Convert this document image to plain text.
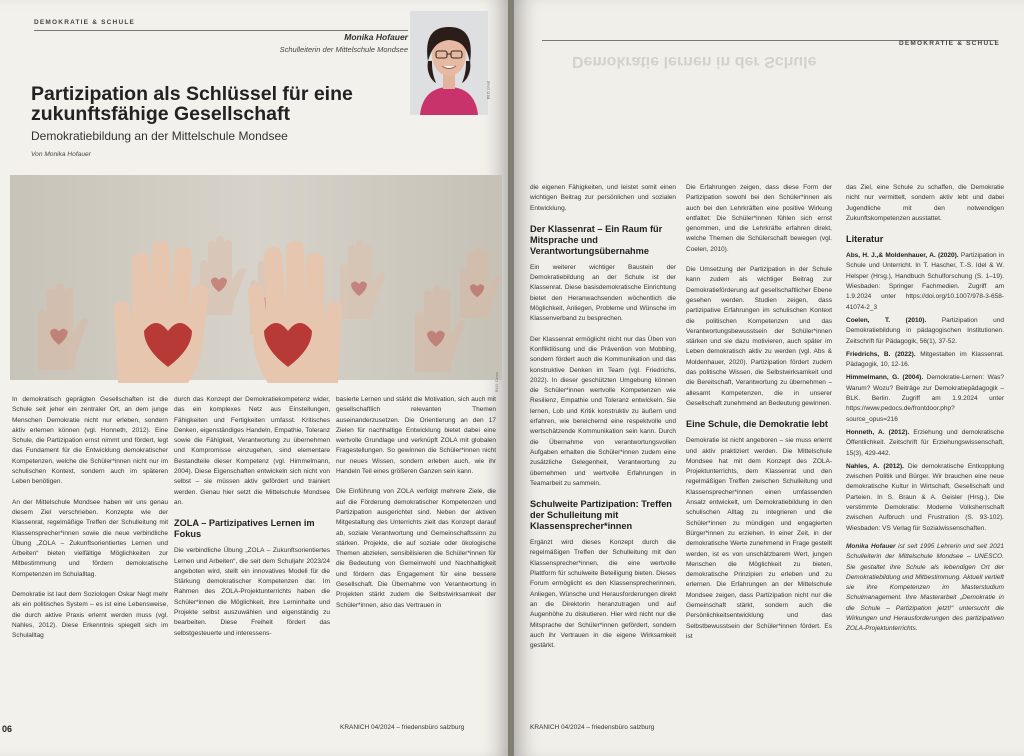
DEMOKRATIE & SCHULE
Monika Hofauer
Schulleiterin der Mittelschule Mondsee
BILD: privat
Partizipation als Schlüssel für eine zukunftsfähige Gesellschaft
Demokratiebildung an der Mittelschule Mondsee
Von Monika Hofauer
BILD: Canva

In demokratisch geprägten Gesellschaften ist die Schule seit jeher ein zentraler Ort, an dem junge Menschen Demokratie nicht nur erleben, sondern aktiv erlernen können (vgl. Honneth, 2012). Eine Schule, die Partizipation ernst nimmt und fördert, legt das Fundament für die Entwicklung demokratischer Kompetenzen, welche die Schüler*innen nicht nur im schulischen Kontext, sondern auch im späteren Leben benötigen.

An der Mittelschule Mondsee haben wir uns genau diesem Ziel verschrieben. Konzepte wie der Klassenrat, regelmäßige Treffen der Schulleitung mit Klassensprecher*innen sowie die neue verbindliche Übung „ZOLA – Zukunftsorientiertes Lernen und Arbeiten“ bieten vielfältige Möglichkeiten zur Mitbestimmung und fördern demokratische Kompetenzen im Schulalltag.

Demokratie ist laut dem Soziologen Oskar Negt mehr als ein politisches System – es ist eine Lebensweise, die durch aktive Praxis erlernt werden muss (vgl. Nahles, 2012). Diese Erkenntnis spiegelt sich im Schulalltag

durch das Konzept der Demokratiekompetenz wider, das ein komplexes Netz aus Einstellungen, Fähigkeiten und Fertigkeiten umfasst. Kritisches Denken, eigenständiges Handeln, Empathie, Toleranz sowie die Fähigkeit, Verantwortung zu übernehmen und Kompromisse einzugehen, sind elementare Bestandteile dieser Kompetenz (vgl. Himmelmann, 2004). Diese Eigenschaften entwickeln sich nicht von selbst – sie müssen aktiv gefördert und trainiert werden. Genau hier setzt die Mittelschule Mondsee an.

ZOLA – Partizipatives Lernen im Fokus

Die verbindliche Übung „ZOLA – Zukunftsorientiertes Lernen und Arbeiten“, die seit dem Schuljahr 2023/24 angeboten wird, stellt ein innovatives Modell für die Stärkung demokratischer Kompetenzen dar. Im Rahmen des ZOLA-Projektunterrichts haben die Schüler*innen die Möglichkeit, ihre Lerninhalte und Projekte selbst auszuwählen und eigenständig zu bearbeiten. Diese Freiheit fördert das selbstgesteuerte und interessens-

basierte Lernen und stärkt die Motivation, sich auch mit gesellschaftlich relevanten Themen auseinanderzusetzen. Die Orientierung an den 17 Zielen für nachhaltige Entwicklung bietet dabei eine wertvolle Grundlage und verknüpft ZOLA mit globalen Fragestellungen. So gewinnen die Schüler*innen nicht nur neues Wissen, sondern erleben auch, wie ihr Handeln Teil eines größeren Ganzen sein kann.

Die Einführung von ZOLA verfolgt mehrere Ziele, die auf die Förderung demokratischer Kompetenzen und Partizipation ausgerichtet sind. Neben der aktiven Mitgestaltung des Unterrichts zielt das Konzept darauf ab, soziale Verantwortung und Gemeinschaftssinn zu stärken. Projekte, die auf soziale oder ökologische Themen abzielen, sensibilisieren die Schüler*innen für die Bedeutung von Gemeinwohl und Nachhaltigkeit und fördern das Engagement für eine bessere Gesellschaft. Die Übernahme von Verantwortung in Projekten stärkt zudem die Selbstwirksamkeit der Schüler*innen, also das Vertrauen in

06	KRANICH 04/2024 – friedensbüro salzburg
DEMOKRATIE & SCHULE

die eigenen Fähigkeiten, und leistet somit einen wichtigen Beitrag zur persönlichen und sozialen Entwicklung.

Der Klassenrat – Ein Raum für Mitsprache und Verantwortungsübernahme

Ein weiterer wichtiger Baustein der Demokratiebildung an der Schule ist der Klassenrat. Diese basisdemokratische Einrichtung bietet den Heranwachsenden wöchentlich die Möglichkeit, Anliegen, Probleme und Wünsche im Klassenverband zu besprechen.

Der Klassenrat ermöglicht nicht nur das Üben von Konfliktlösung und die Prävention von Mobbing, sondern fördert auch die Kommunikation und das konstruktive Denken im Team (vgl. Friedrichs, 2022). In dieser geschützten Umgebung können die Schüler*innen wertvolle Kompetenzen wie Resilienz, Empathie und Toleranz entwickeln. Sie lernen, Lob und Kritik konstruktiv zu äußern und erfahren, wie bereichernd eine respektvolle und wertschätzende Kommunikation sein kann. Durch die Übernahme von verantwortungsvollen Aufgaben erhalten die Schüler*innen zudem eine zusätzliche Gelegenheit, Verantwortung zu übernehmen und wertvolle Erfahrungen in Teamarbeit zu sammeln.

Schulweite Partizipation: Treffen der Schulleitung mit Klassensprecher*innen

Ergänzt wird dieses Konzept durch die regelmäßigen Treffen der Schulleitung mit den Klassensprecher*innen, die eine wertvolle Plattform für schulweite Beteiligung bieten. Dieses Forum ermöglicht es den Klassensprecherinnen, Anliegen, Wünsche und Herausforderungen direkt an die Direktorin heranzutragen und auf Augenhöhe zu diskutieren. Hier wird nicht nur die Mitsprache der Schüler*innen gefördert, sondern auch ihr Vertrauen in die eigene Wirksamkeit gestärkt.

Die Erfahrungen zeigen, dass diese Form der Partizipation sowohl bei den Schüler*innen als auch bei den Lehrkräften eine positive Wirkung entfaltet: Die Schüler*innen fühlen sich ernst genommen, und die Lehrkräfte erfahren direkt, welche Themen die Schülerschaft bewegen (vgl. Coelen, 2010).

Die Umsetzung der Partizipation in der Schule kann zudem als wichtiger Beitrag zur Demokratieförderung auf gesellschaftlicher Ebene gesehen werden. Studien zeigen, dass partizipative Erfahrungen im schulischen Kontext die politischen Kompetenzen und das Verantwortungsbewusstsein der Schüler*innen stärken und sie dazu motivieren, auch später im Leben demokratisch aktiv zu werden (vgl. Abs & Moldenhauer, 2020). Partizipation fördert zudem das politische Wissen, die Selbstwirksamkeit und die Bereitschaft, Verantwortung zu übernehmen – allesamt Kompetenzen, die in unserer Gesellschaft zunehmend an Bedeutung gewinnen.

Eine Schule, die Demokratie lebt

Demokratie ist nicht angeboren – sie muss erlernt und aktiv praktiziert werden. Die Mittelschule Mondsee hat mit dem Konzept des ZOLA-Projektunterrichts, dem Klassenrat und den regelmäßigen Treffen zwischen Schulleitung und Klassensprecher*innen einen umfassenden Ansatz entwickelt, um Demokratiebildung in den schulischen Alltag zu integrieren und die Schüler*innen zu mündigen und engagierten Bürger*innen zu erziehen. In einer Zeit, in der demokratische Werte zunehmend in Frage gestellt werden, ist es von unschätzbarem Wert, jungen Menschen die Möglichkeit zu bieten, demokratische Prinzipien zu erleben und zu erlernen. Die Erfahrungen an der Mittelschule Mondsee zeigen, dass Partizipation nicht nur die Gemeinschaft stärkt, sondern auch die Persönlichkeitsentwicklung und das Selbstbewusstsein der Schüler*innen fördert. Es ist

das Ziel, eine Schule zu schaffen, die Demokratie nicht nur vermittelt, sondern aktiv lebt und dabei Jugendliche mit den notwendigen Zukunftskompetenzen ausstattet.

Literatur
Abs, H. J.,& Moldenhauer, A. (2020). Partizipation in Schule und Unterricht. In T. Hascher, T.-S. Idel & W. Helsper (Hrsg.), Handbuch Schulforschung (S. 1–19). Wiesbaden: Springer Fachmedien. Zugriff am 1.9.2024 unter https://doi.org/10.1007/978-3-658-41074-2_3
Coelen, T. (2010). Partizipation und Demokratiebildung in pädagogischen Institutionen. Zeitschrift für Pädagogik, 56(1), 37-52.
Friedrichs, B. (2022). Mitgestalten im Klassenrat. Pädagogik, 10, 12-16.
Himmelmann, G. (2004). Demokratie-Lernen: Was? Warum? Wozu? Beiträge zur Demokratiepädagogik – BLK. Berlin. Zugriff am 1.9.2024 unter https://www.pedocs.de/frontdoor.php?source_opus=216
Honneth, A. (2012). Erziehung und demokratische Öffentlichkeit. Zeitschrift für Erziehungswissenschaft, 15(3), 429-442.
Nahles, A. (2012). Die demokratische Entkopplung zwischen Politik und Bürger. Wir brauchen eine neue demokratische Kultur in Wirtschaft, Gesellschaft und Parteien. In S. Braun & A. Geisler (Hrsg.), Die verstimmte Demokratie: Moderne Volksherrschaft zwischen Aufbruch und Frustration (S. 93-102). Wiesbaden: VS Verlag für Sozialwissenschaften.

Monika Hofauer ist seit 1995 Lehrerin und seit 2021 Schulleiterin der Mittelschule Mondsee – UNESCO. Sie gestaltet ihre Schule als lebendigen Ort der Demokratiebildung und Mitbestimmung. Aktuell vertieft sie ihre Kompetenzen im Masterstudium Schulmanagement. Ihre Masterarbeit „Demokratie in die Schule – Partizipation jetzt!“ untersucht die Wirkungen und Herausforderungen des partizipativen ZOLA-Projektunterrichts.

KRANICH 04/2024 – friedensbüro salzburg
Demokratie lernen in der Schule
